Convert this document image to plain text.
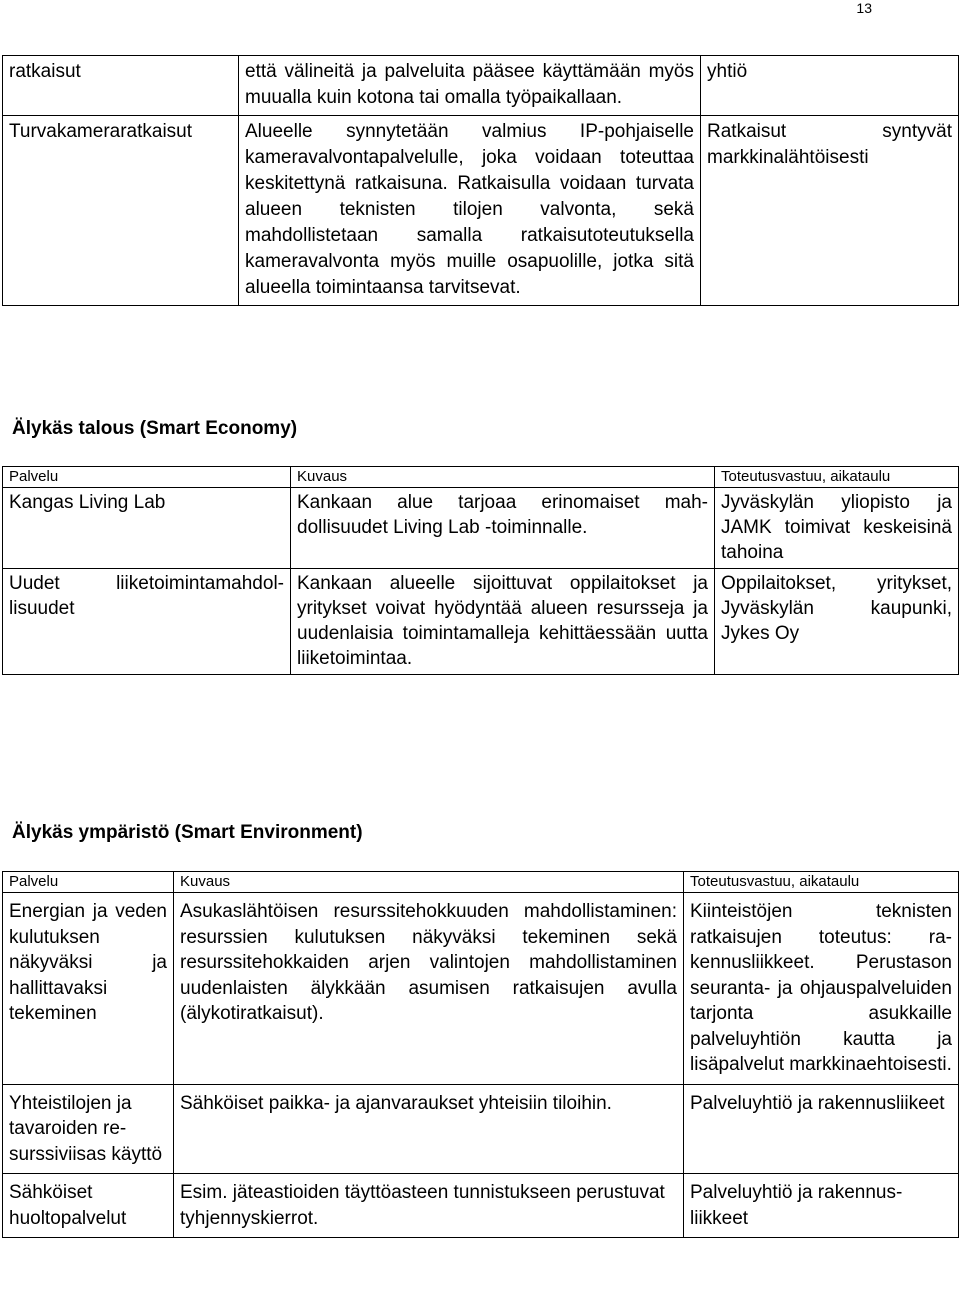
13
ratkaisut	että välineitä ja palveluita pääsee käyttämään myös muualla kuin kotona tai omalla työpaikallaan.	yhtiö
Turvakameraratkaisut	Alueelle synnytetään valmius IP-pohjaiselle kameravalvontapalvelulle, joka voidaan toteuttaa keskitettynä ratkaisuna. Ratkaisulla voidaan turvata alueen teknisten tilojen valvonta, sekä mahdollistetaan samalla ratkaisutoteutuksella kameravalvonta myös muille osapuolille, jotka sitä alueella toimintaansa tarvitsevat.	Ratkaisut syntyvät markkinalähtöisesti
Älykäs talous (Smart Economy)
Palvelu	Kuvaus	Toteutusvastuu, aikataulu
Kangas Living Lab	Kankaan alue tarjoaa erinomaiset mahdollisuudet Living Lab -toiminnalle.	Jyväskylän yliopisto ja JAMK toimivat keskeisinä tahoina
Uudet liiketoimintamahdollisuudet	Kankaan alueelle sijoittuvat oppilaitokset ja yritykset voivat hyödyntää alueen resursseja ja uudenlaisia toimintamalleja kehittäessään uutta liiketoimintaa.	Oppilaitokset, yritykset, Jyväskylän kaupunki, Jykes Oy
Älykäs ympäristö (Smart Environment)
Palvelu	Kuvaus	Toteutusvastuu, aikataulu
Energian ja veden kulutuksen näkyväksi ja hallittavaksi tekeminen	Asukaslähtöisen resurssitehokkuuden mahdollistaminen: resurssien kulutuksen näkyväksi tekeminen sekä resurssitehokkaiden arjen valintojen mahdollistaminen uudenlaisten älykkään asumisen ratkaisujen avulla (älykotiratkaisut).	Kiinteistöjen teknisten ratkaisujen toteutus: rakennusliikkeet. Perustason seuranta- ja ohjauspalveluiden tarjonta asukkaille palveluyhtiön kautta ja lisäpalvelut markkinaehtoisesti.
Yhteistilojen ja tavaroiden resurssiviisas käyttö	Sähköiset paikka- ja ajanvaraukset yhteisiin tiloihin.	Palveluyhtiö ja rakennusliikeet
Sähköiset huoltopalvelut	Esim. jäteastioiden täyttöasteen tunnistukseen perustuvat tyhjennyskierrot.	Palveluyhtiö ja rakennusliikkeet
